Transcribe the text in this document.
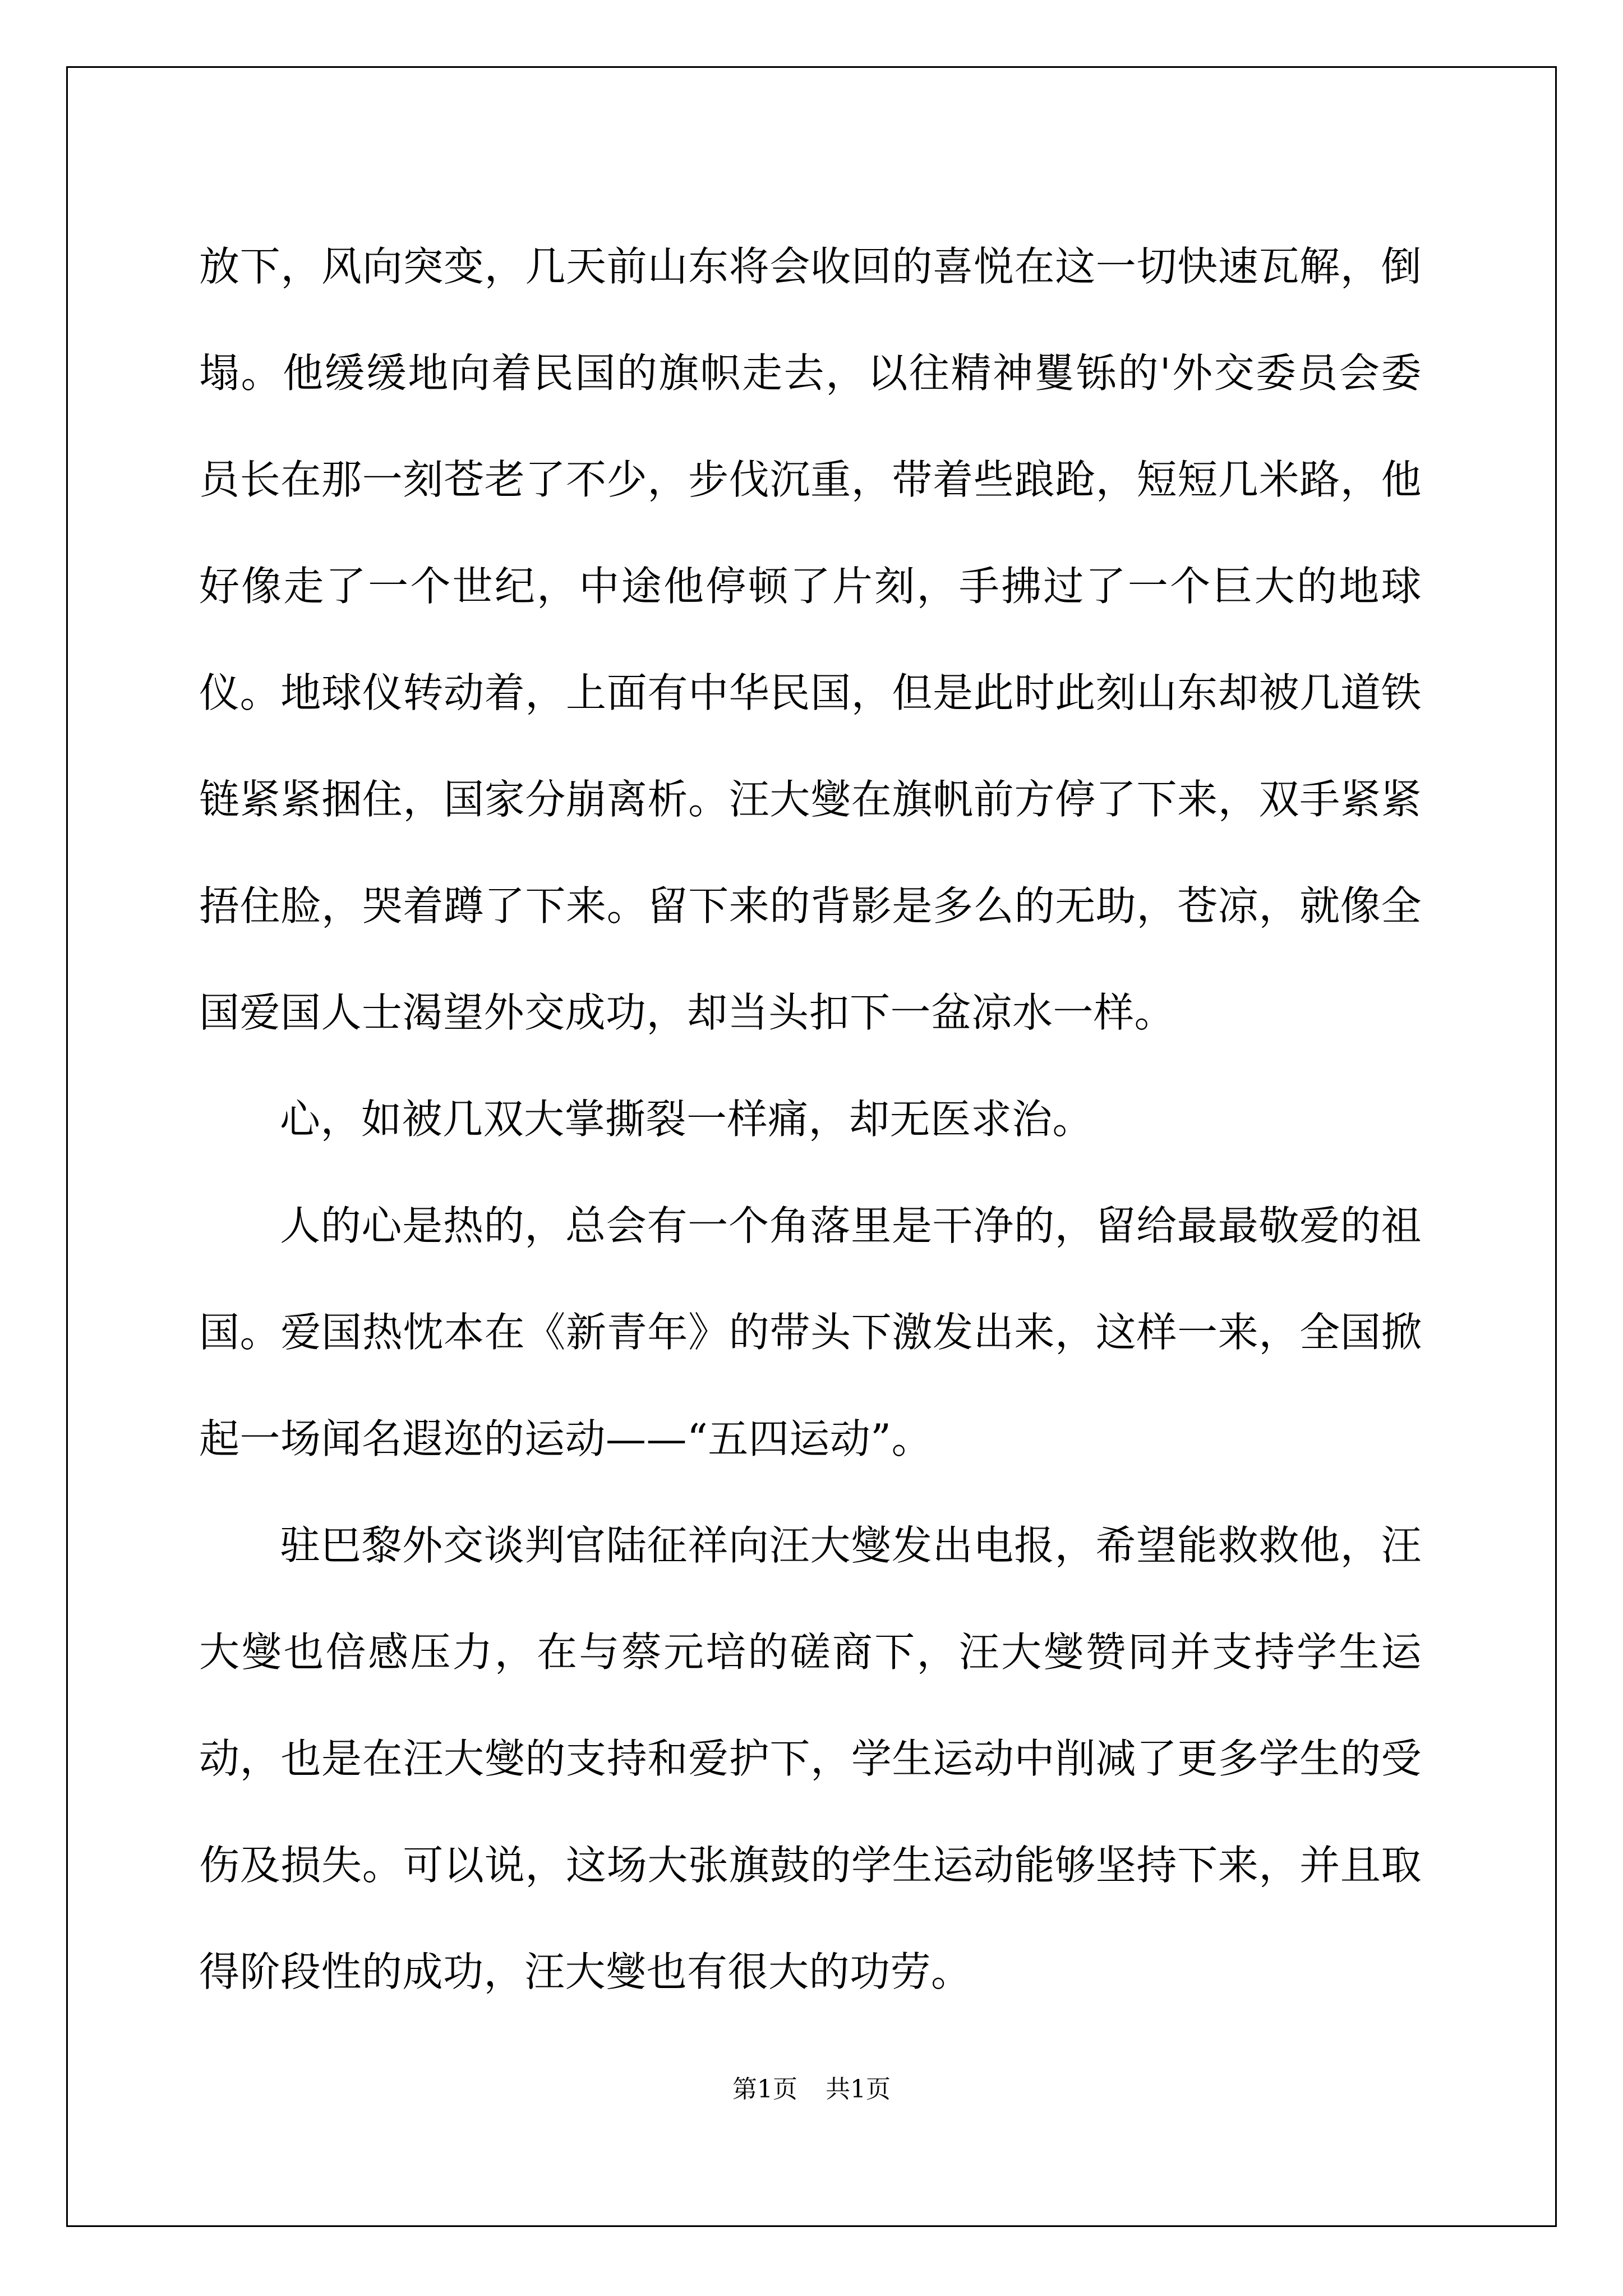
放下，风向突变，几天前山东将会收回的喜悦在这一切快速瓦解，倒塌。他缓缓地向着民国的旗帜走去，以往精神矍铄的'外交委员会委员长在那一刻苍老了不少，步伐沉重，带着些踉跄，短短几米路，他好像走了一个世纪，中途他停顿了片刻，手拂过了一个巨大的地球仪。地球仪转动着，上面有中华民国，但是此时此刻山东却被几道铁链紧紧捆住，国家分崩离析。汪大燮在旗帆前方停了下来，双手紧紧捂住脸，哭着蹲了下来。留下来的背影是多么的无助，苍凉，就像全国爱国人士渴望外交成功，却当头扣下一盆凉水一样。

心，如被几双大掌撕裂一样痛，却无医求治。

人的心是热的，总会有一个角落里是干净的，留给最最敬爱的祖国。爱国热忱本在《新青年》的带头下激发出来，这样一来，全国掀起一场闻名遐迩的运动——“五四运动”。

驻巴黎外交谈判官陆征祥向汪大燮发出电报，希望能救救他，汪大燮也倍感压力，在与蔡元培的磋商下，汪大燮赞同并支持学生运动，也是在汪大燮的支持和爱护下，学生运动中削减了更多学生的受伤及损失。可以说，这场大张旗鼓的学生运动能够坚持下来，并且取得阶段性的成功，汪大燮也有很大的功劳。

第1页 共1页
